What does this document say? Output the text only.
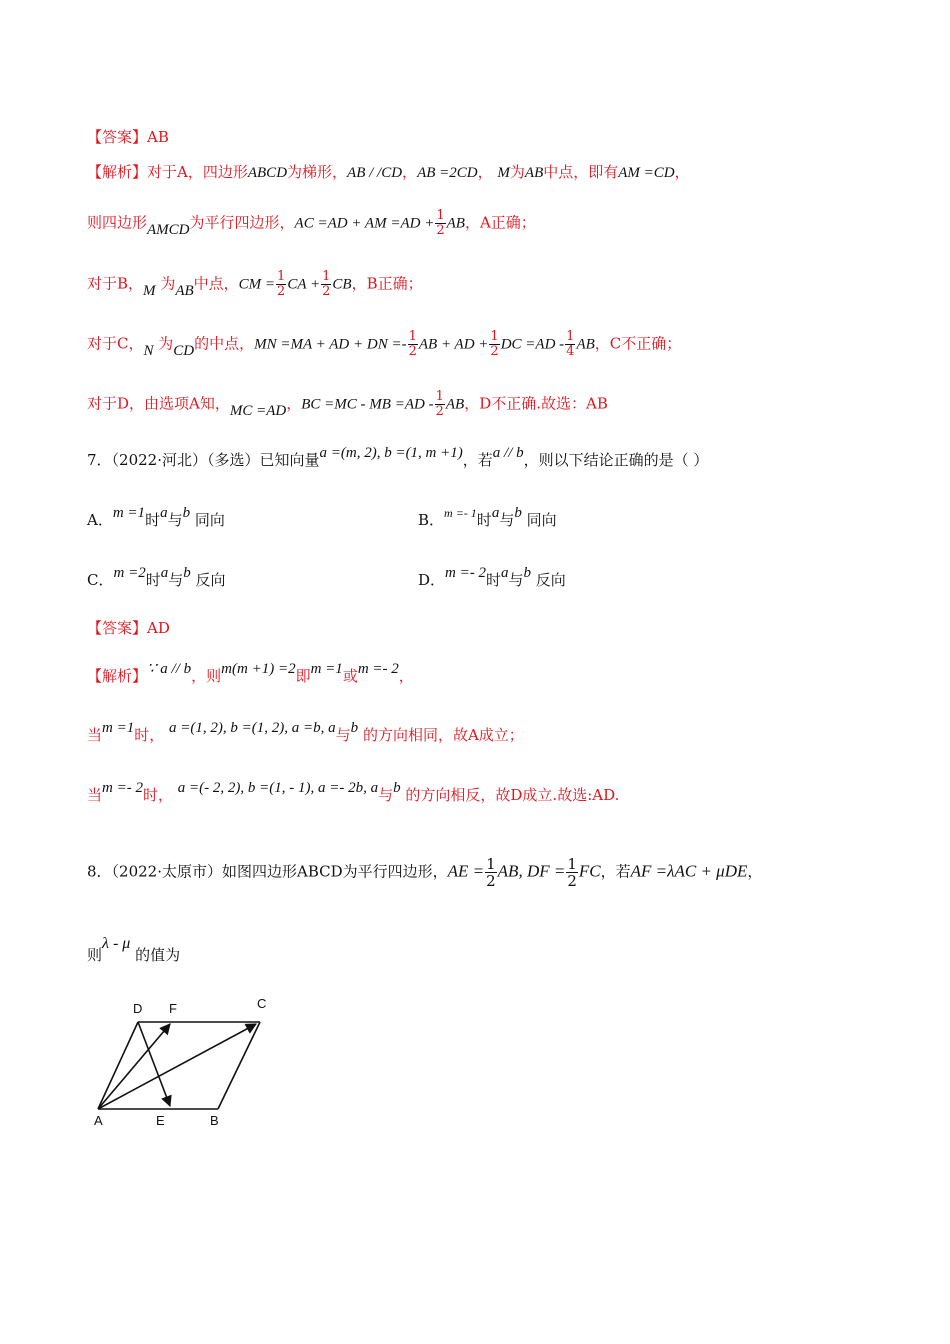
【答案】AB
【解析】对于A，四边形ABCD为梯形，AB / /CD，AB =2CD， M为AB中点，即有AM =CD，
则四边形AMCD为平行四边形，AC =AD + AM $=AD + \frac{1}{2}$ AB，A正确；
对于B，M 为AB中点，CM = $\frac{1}{2}$ CA + $\frac{1}{2}$ CB，B正确；
对于C，N 为CD的中点，MN =MA + AD + DN =- $\frac{1}{2}$ AB + AD + $\frac{1}{2}$ DC $=AD - \frac{1}{4}$ AB，C不正确；
对于D，由选项A知，MC =AD，BC =MC - MB $=AD - \frac{1}{2}$ AB，D不正确.故选：AB
7．（2022·河北）（多选）已知向量a =(m, 2), b =(1, m +1)，若a // b，则以下结论正确的是（ ）
A．m =1时a与b 同向	B．$^{m =- 1}$时a与b 同向
C．m =2时a与b 反向	D．m =- 2时a与b 反向
【答案】AD
【解析】∵ a // b，则m(m +1) =2即m =1或m =- 2，
当m =1时， a =(1, 2), b =(1, 2), a =b, a与b 的方向相同，故A成立；
当m =- 2时， a =(- 2, 2), b =(1, - 1), a =- 2b, a与b 的方向相反，故D成立.故选:AD.
8．（2022·太原市）如图四边形ABCD为平行四边形，AE = $\frac{1}{2}$ AB, DF = $\frac{1}{2}$ FC，若AF =λAC + μDE，
则λ - μ 的值为
A	E	B
D F	C
